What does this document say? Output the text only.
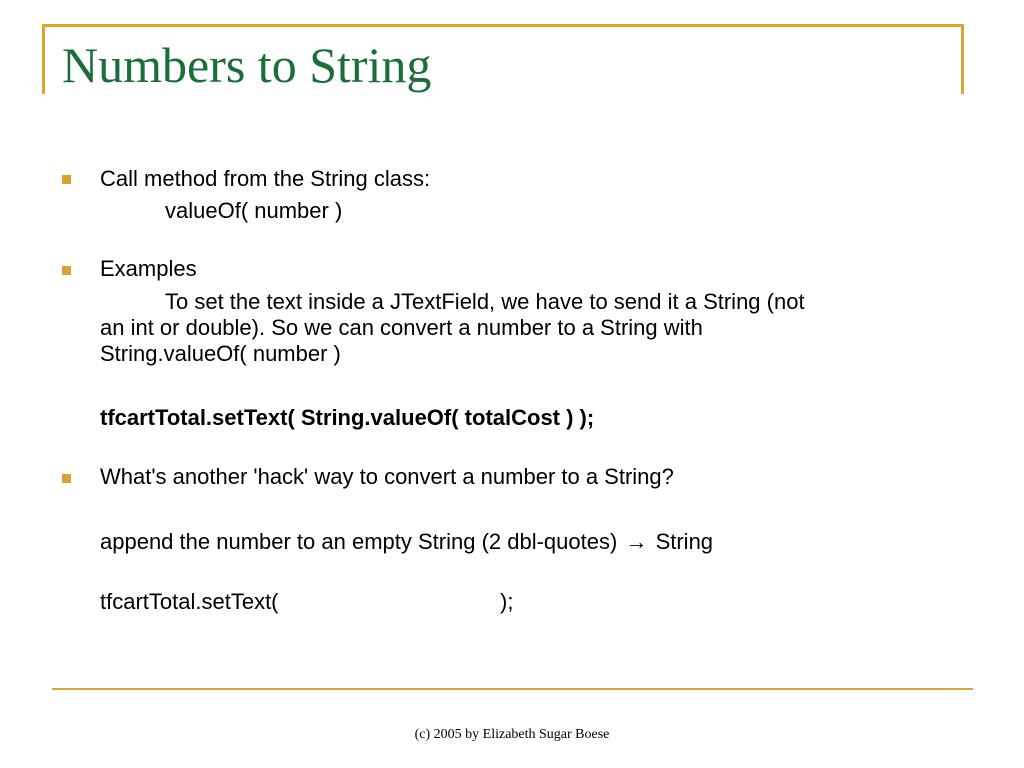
Numbers to String
Call method from the String class:
valueOf( number )
Examples
To set the text inside a JTextField, we have to send it a String (not
an int or double). So we can convert a number to a String with
String.valueOf( number )
tfcartTotal.setText( String.valueOf( totalCost ) );
What's another 'hack' way to convert a number to a String?
append the number to an empty String (2 dbl-quotes) → String
tfcartTotal.setText(	);
(c) 2005 by Elizabeth Sugar Boese
